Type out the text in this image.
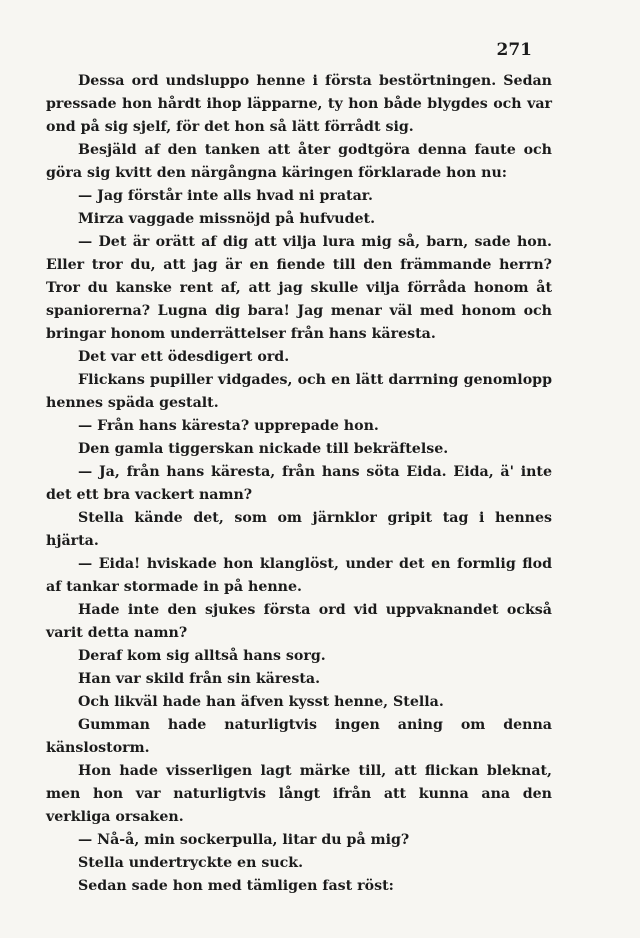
271

Dessa ord undsluppo henne i första bestörtningen. Sedan pressade hon hårdt ihop läpparne, ty hon både blygdes och var ond på sig sjelf, för det hon så lätt förrådt sig.

Besjäld af den tanken att åter godtgöra denna faute och göra sig kvitt den närgångna käringen förklarade hon nu:

— Jag förstår inte alls hvad ni pratar.

Mirza vaggade missnöjd på hufvudet.

— Det är orätt af dig att vilja lura mig så, barn, sade hon. Eller tror du, att jag är en fiende till den främmande herrn? Tror du kanske rent af, att jag skulle vilja förråda honom åt spaniorerna? Lugna dig bara! Jag menar väl med honom och bringar honom underrättelser från hans käresta.

Det var ett ödesdigert ord.

Flickans pupiller vidgades, och en lätt darrning genomlopp hennes späda gestalt.

— Från hans käresta? upprepade hon.

Den gamla tiggerskan nickade till bekräftelse.

— Ja, från hans käresta, från hans söta Eida. Eida, ä' inte det ett bra vackert namn?

Stella kände det, som om järnklor gripit tag i hennes hjärta.

— Eida! hviskade hon klanglöst, under det en formlig flod af tankar stormade in på henne.

Hade inte den sjukes första ord vid uppvaknandet också varit detta namn?

Deraf kom sig alltså hans sorg.

Han var skild från sin käresta.

Och likväl hade han äfven kysst henne, Stella.

Gumman hade naturligtvis ingen aning om denna känslostorm.

Hon hade visserligen lagt märke till, att flickan bleknat, men hon var naturligtvis långt ifrån att kunna ana den verkliga orsaken.

— Nå-å, min sockerpulla, litar du på mig?

Stella undertryckte en suck.

Sedan sade hon med tämligen fast röst:
